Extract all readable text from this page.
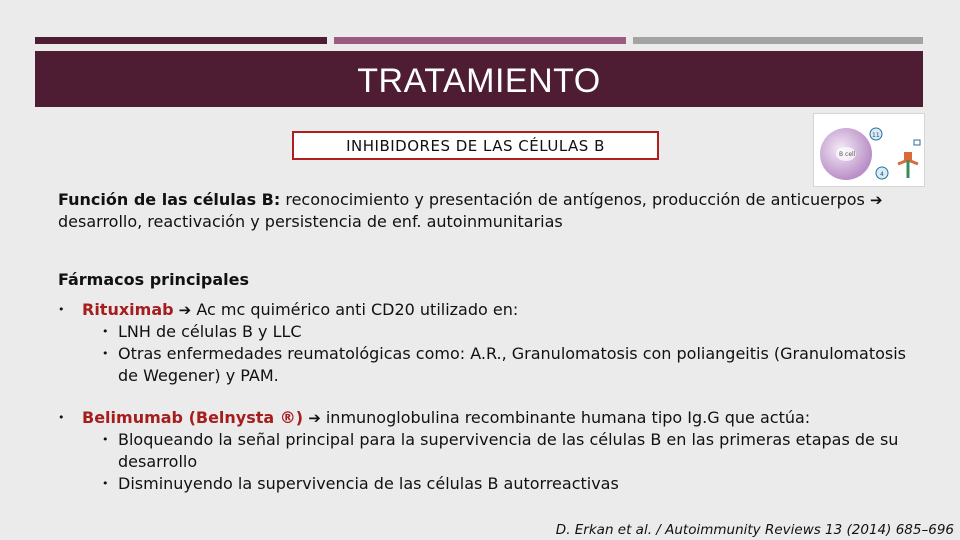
TRATAMIENTO
INHIBIDORES DE LAS CÉLULAS B	B cell
11
4

Función de las células B: reconocimiento y presentación de antígenos, producción de anticuerpos ➔ desarrollo, reactivación y persistencia de enf. autoinmunitarias

Fármacos principales
• Rituximab ➔ Ac mc quimérico anti CD20 utilizado en:
• LNH de células B y LLC
• Otras enfermedades reumatológicas como: A.R., Granulomatosis con poliangeitis (Granulomatosis de Wegener) y PAM.
• Belimumab (Belnysta ®) ➔ inmunoglobulina recombinante humana tipo Ig.G que actúa:
• Bloqueando la señal principal para la supervivencia de las células B en las primeras etapas de su desarrollo
• Disminuyendo la supervivencia de las células B autorreactivas
D. Erkan et al. / Autoimmunity Reviews 13 (2014) 685–696
